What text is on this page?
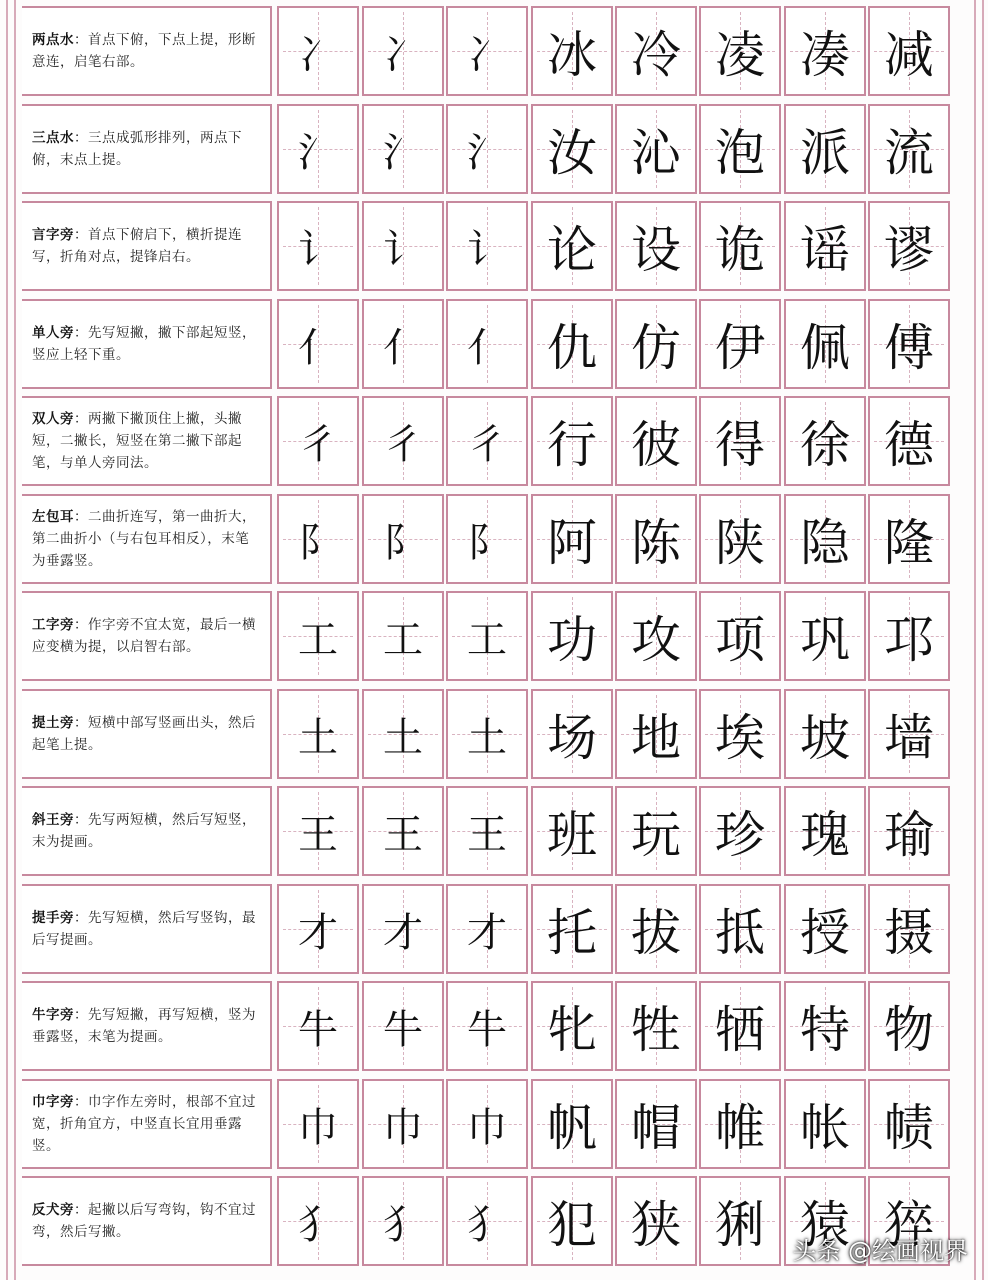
两点水：首点下俯，下点上提，形断意连，启笔右部。	冫 冫 冫 冰 冷 凌 凑 减
三点水：三点成弧形排列，两点下俯，末点上提。	氵 氵 氵 汝 沁 泡 派 流
言字旁：首点下俯启下，横折提连写，折角对点，提锋启右。	讠 讠 讠 论 设 诡 谣 谬
单人旁：先写短撇，撇下部起短竖，竖应上轻下重。	亻 亻 亻 仇 仿 伊 佩 傅
双人旁：两撇下撇顶住上撇，头撇短，二撇长，短竖在第二撇下部起笔，与单人旁同法。	彳 彳 彳 行 彼 得 徐 德
左包耳：二曲折连写，第一曲折大，第二曲折小（与右包耳相反），末笔为垂露竖。	阝 阝 阝 阿 陈 陕 隐 隆
工字旁：作字旁不宜太宽，最后一横应变横为提，以启智右部。	工 工 工 功 攻 项 巩 邛
提土旁：短横中部写竖画出头，然后起笔上提。	土 土 土 场 地 埃 坡 墙
斜王旁：先写两短横，然后写短竖，末为提画。	王 王 王 班 玩 珍 瑰 瑜
提手旁：先写短横，然后写竖钩，最后写提画。	才 才 才 托 拔 抵 授 摄
牛字旁：先写短撇，再写短横，竖为垂露竖，末笔为提画。	牛 牛 牛 牝 牲 牺 特 物
巾字旁：巾字作左旁时，根部不宜过宽，折角宜方，中竖直长宜用垂露竖。	巾 巾 巾 帆 帽 帷 帐 帻
反犬旁：起撇以后写弯钩，钩不宜过弯，然后写撇。	犭 犭 犭 犯 狭 猁 猿 猝
头条 @绘画视界
